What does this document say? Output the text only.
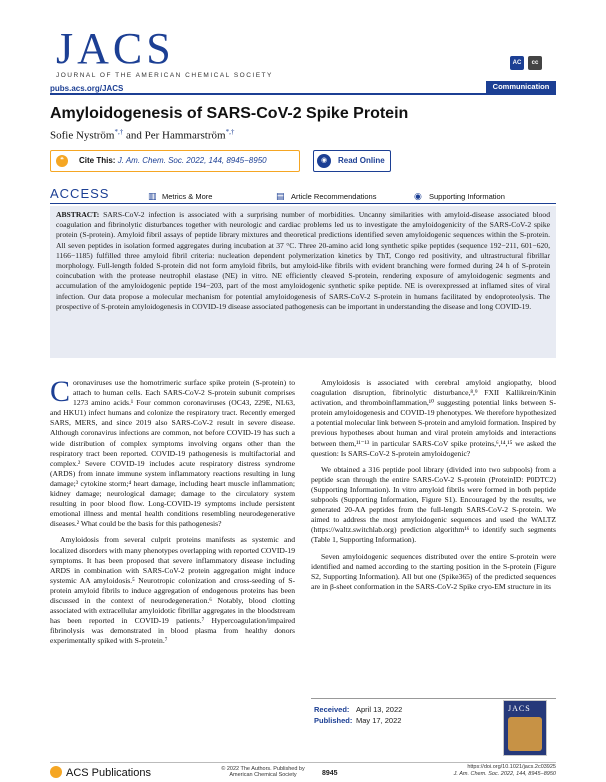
JACS
JOURNAL OF THE AMERICAN CHEMICAL SOCIETY
AC	cc
pubs.acs.org/JACS	Communication
Amyloidogenesis of SARS-CoV-2 Spike Protein
Sofie Nyström*,† and Per Hammarström*,†
Cite This: J. Am. Chem. Soc. 2022, 144, 8945−8950
❝	Read Online
◉
ACCESS	▥ Metrics & More	▤ Article Recommendations	◉ Supporting Information
ABSTRACT: SARS-CoV-2 infection is associated with a surprising number of morbidities. Uncanny similarities with amyloid-disease associated blood coagulation and fibrinolytic disturbances together with neurologic and cardiac problems led us to investigate the amyloidogenicity of the SARS-CoV-2 spike protein (S-protein). Amyloid fibril assays of peptide library mixtures and theoretical predictions identified seven amyloidogenic sequences within the S-protein. All seven peptides in isolation formed aggregates during incubation at 37 °C. Three 20-amino acid long synthetic spike peptides (sequence 192−211, 601−620, 1166−1185) fulfilled three amyloid fibril criteria: nucleation dependent polymerization kinetics by ThT, Congo red positivity, and ultrastructural fibrillar morphology. Full-length folded S-protein did not form amyloid fibrils, but amyloid-like fibrils with evident branching were formed during 24 h of S-protein coincubation with the protease neutrophil elastase (NE) in vitro. NE efficiently cleaved S-protein, rendering exposure of amyloidogenic segments and accumulation of the amyloidogenic peptide 194−203, part of the most amyloidogenic synthetic spike peptide. NE is overexpressed at inflamed sites of viral infection. Our data propose a molecular mechanism for potential amyloidogenesis of SARS-CoV-2 S-protein in humans facilitated by endoproteolysis. The prospective of S-protein amyloidogenesis in COVID-19 disease associated pathogenesis can be important in understanding the disease and long COVID-19.

Coronaviruses use the homotrimeric surface spike protein (S-protein) to attach to human cells. Each SARS-CoV-2 S-protein subunit comprises 1273 amino acids.¹ Four common coronaviruses (OC43, 229E, NL63, and HKU1) infect humans and colonize the respiratory tract. Recently emerged SARS, MERS, and since 2019 also SARS-CoV-2 result in severe disease. Although coronavirus infections are common, not before COVID-19 has such a wide distribution of complex symptoms involving organs other than the respiratory tract been reported. COVID-19 pathogenesis is multifactorial and complex.² Severe COVID-19 includes acute respiratory distress syndrome (ARDS) from innate immune system inflammatory reactions resulting in lung damage;³ cytokine storm;⁴ heart damage, including heart muscle inflammation; kidney damage; neurological damage; damage to the circulatory system resulting in poor blood flow. Long-COVID-19 symptoms include persistent emotional illness and mental health conditions resembling neurodegenerative diseases.² What could be the basis for this pathogenesis?

Amyloidosis from several culprit proteins manifests as systemic and localized disorders with many phenotypes overlapping with reported COVID-19 symptoms. It has been proposed that severe inflammatory disease including ARDS in combination with SARS-CoV-2 protein aggregation might induce systemic AA amyloidosis.⁵ Neurotropic colonization and cross-seeding of S-protein amyloid fibrils to induce aggregation of endogenous proteins has been discussed in the context of neurodegeneration.⁶ Notably, blood clotting associated with extracellular amyloidotic fibrillar aggregates in the bloodstream has been reported in COVID-19 patients.⁷ Hypercoagulation/impaired fibrinolysis was demonstrated in blood plasma from healthy donors experimentally spiked with S-protein.⁷

Amyloidosis is associated with cerebral amyloid angiopathy, blood coagulation disruption, fibrinolytic disturbance,⁸,⁹ FXII Kallikrein/Kinin activation, and thromboinflammation,¹⁰ suggesting potential links between S-protein amyloidogenesis and COVID-19 phenotypes. We therefore hypothesized a potential molecular link between S-protein and amyloid formation. Inspired by previous hypotheses about human and viral protein amyloids and interactions between them,¹¹⁻¹³ in particular SARS-CoV spike proteins,⁶,¹⁴,¹⁵ we asked the question: Is SARS-CoV-2 S-protein amyloidogenic?

We obtained a 316 peptide pool library (divided into two subpools) from a peptide scan through the entire SARS-CoV-2 S-protein (ProteinID: P0DTC2) (Supporting Information). In vitro amyloid fibrils were formed in both peptide subpools (Supporting Information, Figure S1). Encouraged by the results, we generated 20-AA peptides from the full-length SARS-CoV-2 S-protein. We aimed to address the most amyloidogenic sequences and used the WALTZ (https://waltz.switchlab.org) prediction algorithm¹⁶ to identify such segments (Table 1, Supporting Information).

Seven amyloidogenic sequences distributed over the entire S-protein were identified and named according to the starting position in the S-protein (Figure S2, Supporting Information). All but one (Spike365) of the predicted sequences are in β-sheet conformation in the SARS-CoV-2 Spike cryo-EM structure in its

Received: April 13, 2022
Published: May 17, 2022
JACS
ACS Publications	© 2022 The Authors. Published by American Chemical Society	8945
https://doi.org/10.1021/jacs.2c03925
J. Am. Chem. Soc. 2022, 144, 8945−8950
